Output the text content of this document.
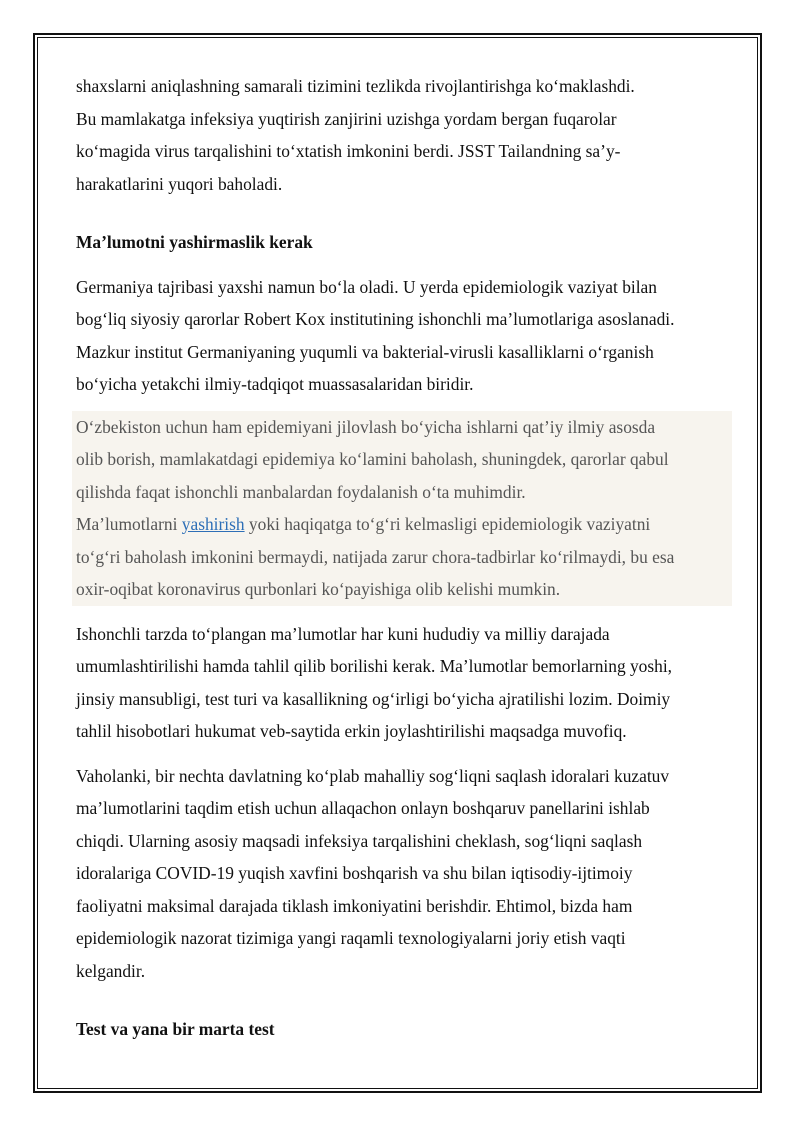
shaxslarni aniqlashning samarali tizimini tezlikda rivojlantirishga ko‘maklashdi.
Bu mamlakatga infeksiya yuqtirish zanjirini uzishga yordam bergan fuqarolar
ko‘magida virus tarqalishini to‘xtatish imkonini berdi. JSST Tailandning sa’y-
harakatlarini yuqori baholadi.

Ma’lumotni yashirmaslik kerak

Germaniya tajribasi yaxshi namun bo‘la oladi. U yerda epidemiologik vaziyat bilan
bog‘liq siyosiy qarorlar Robert Kox institutining ishonchli ma’lumotlariga asoslanadi.
Mazkur institut Germaniyaning yuqumli va bakterial-virusli kasalliklarni o‘rganish
bo‘yicha yetakchi ilmiy-tadqiqot muassasalaridan biridir.

O‘zbekiston uchun ham epidemiyani jilovlash bo‘yicha ishlarni qat’iy ilmiy asosda
olib borish, mamlakatdagi epidemiya ko‘lamini baholash, shuningdek, qarorlar qabul
qilishda faqat ishonchli manbalardan foydalanish o‘ta muhimdir.
Ma’lumotlarni yashirish yoki haqiqatga to‘g‘ri kelmasligi epidemiologik vaziyatni
to‘g‘ri baholash imkonini bermaydi, natijada zarur chora-tadbirlar ko‘rilmaydi, bu esa
oxir-oqibat koronavirus qurbonlari ko‘payishiga olib kelishi mumkin.

Ishonchli tarzda to‘plangan ma’lumotlar har kuni hududiy va milliy darajada
umumlashtirilishi hamda tahlil qilib borilishi kerak. Ma’lumotlar bemorlarning yoshi,
jinsiy mansubligi, test turi va kasallikning og‘irligi bo‘yicha ajratilishi lozim. Doimiy
tahlil hisobotlari hukumat veb-saytida erkin joylashtirilishi maqsadga muvofiq.

Vaholanki, bir nechta davlatning ko‘plab mahalliy sog‘liqni saqlash idoralari kuzatuv
ma’lumotlarini taqdim etish uchun allaqachon onlayn boshqaruv panellarini ishlab
chiqdi. Ularning asosiy maqsadi infeksiya tarqalishini cheklash, sog‘liqni saqlash
idoralariga COVID-19 yuqish xavfini boshqarish va shu bilan iqtisodiy-ijtimoiy
faoliyatni maksimal darajada tiklash imkoniyatini berishdir. Ehtimol, bizda ham
epidemiologik nazorat tizimiga yangi raqamli texnologiyalarni joriy etish vaqti
kelgandir.

Test va yana bir marta test
